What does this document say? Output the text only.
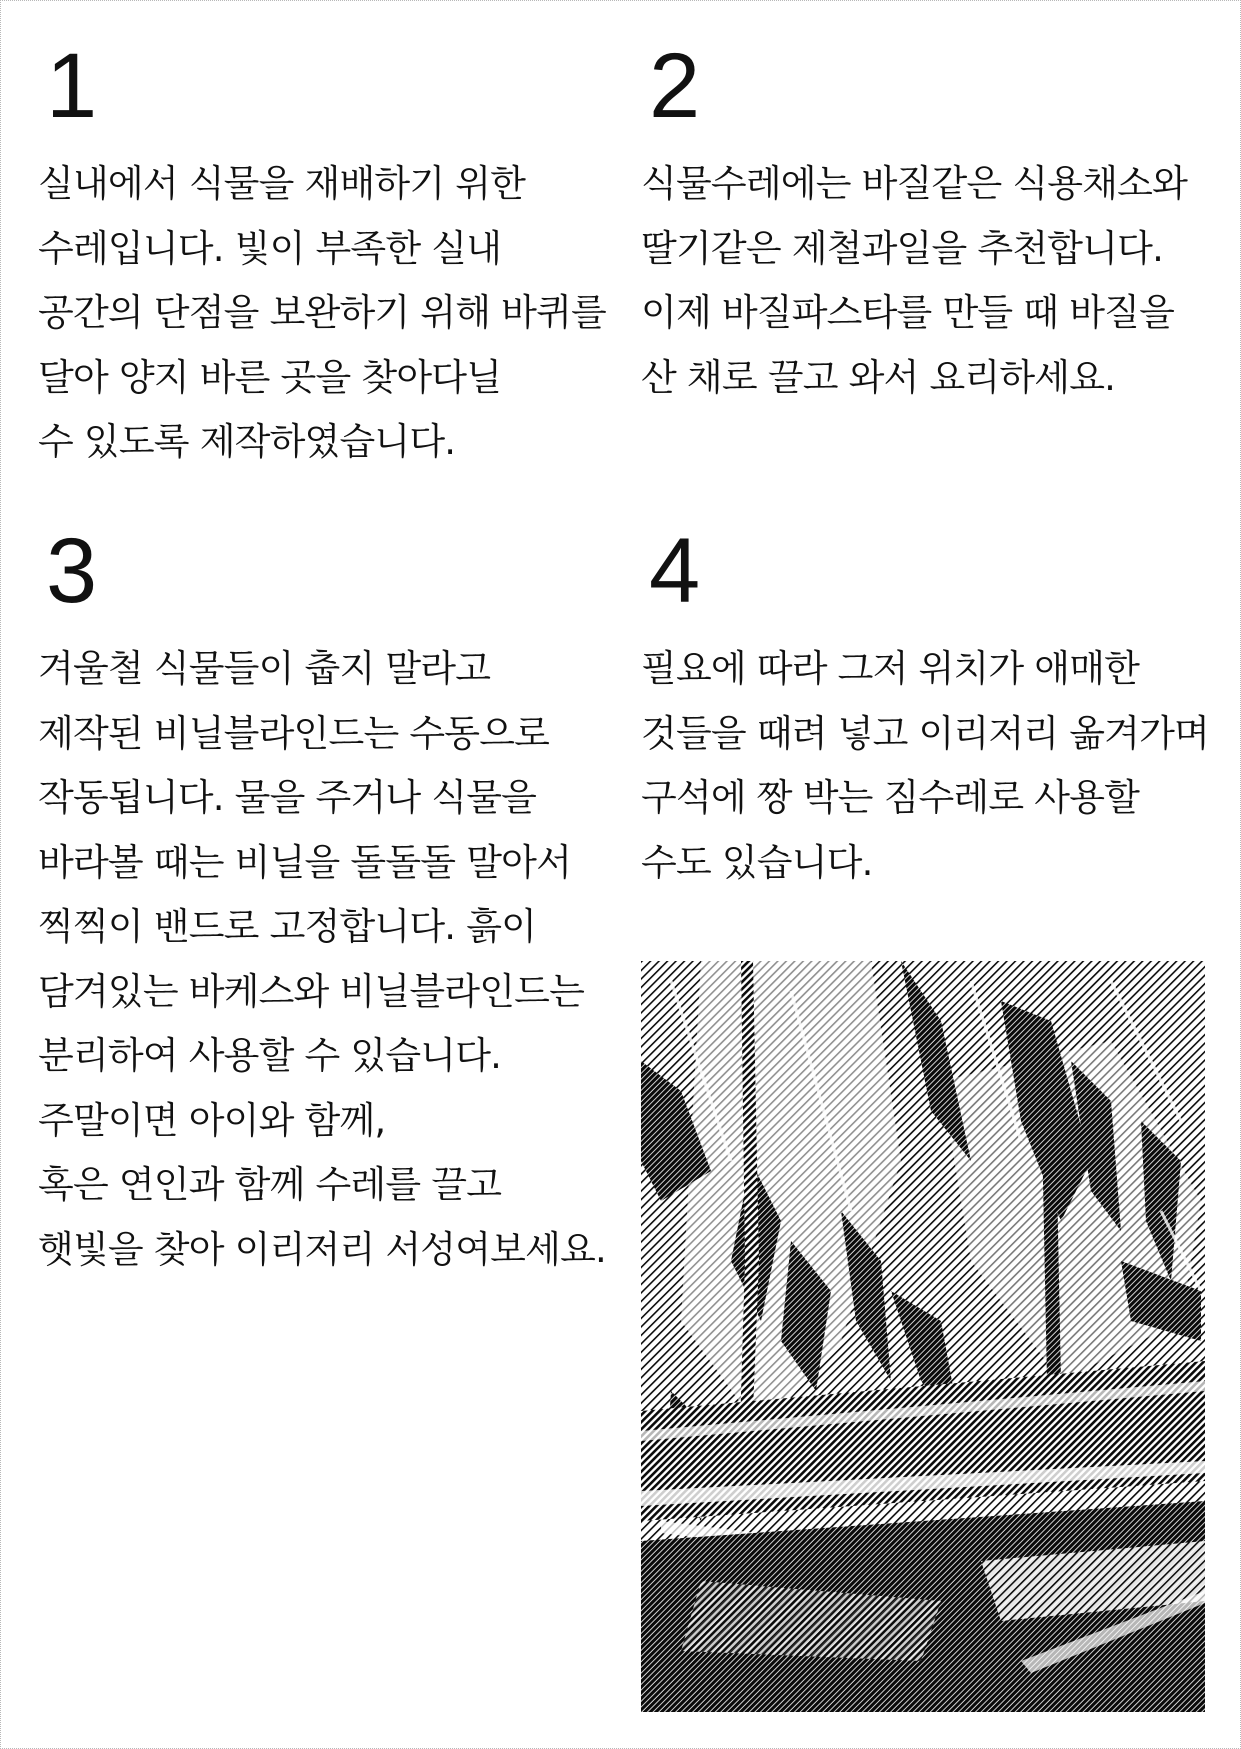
1

실내에서 식물을 재배하기 위한
수레입니다. 빛이 부족한 실내
공간의 단점을 보완하기 위해 바퀴를
달아 양지 바른 곳을 찾아다닐
수 있도록 제작하였습니다.

2

식물수레에는 바질같은 식용채소와
딸기같은 제철과일을 추천합니다.
이제 바질파스타를 만들 때 바질을
산 채로 끌고 와서 요리하세요.

3

겨울철 식물들이 춥지 말라고
제작된 비닐블라인드는 수동으로
작동됩니다. 물을 주거나 식물을
바라볼 때는 비닐을 돌돌돌 말아서
찍찍이 밴드로 고정합니다. 흙이
담겨있는 바케스와 비닐블라인드는
분리하여 사용할 수 있습니다.
주말이면 아이와 함께,
혹은 연인과 함께 수레를 끌고
햇빛을 찾아 이리저리 서성여보세요.

4

필요에 따라 그저 위치가 애매한
것들을 때려 넣고 이리저리 옮겨가며
구석에 짱 박는 짐수레로 사용할
수도 있습니다.
